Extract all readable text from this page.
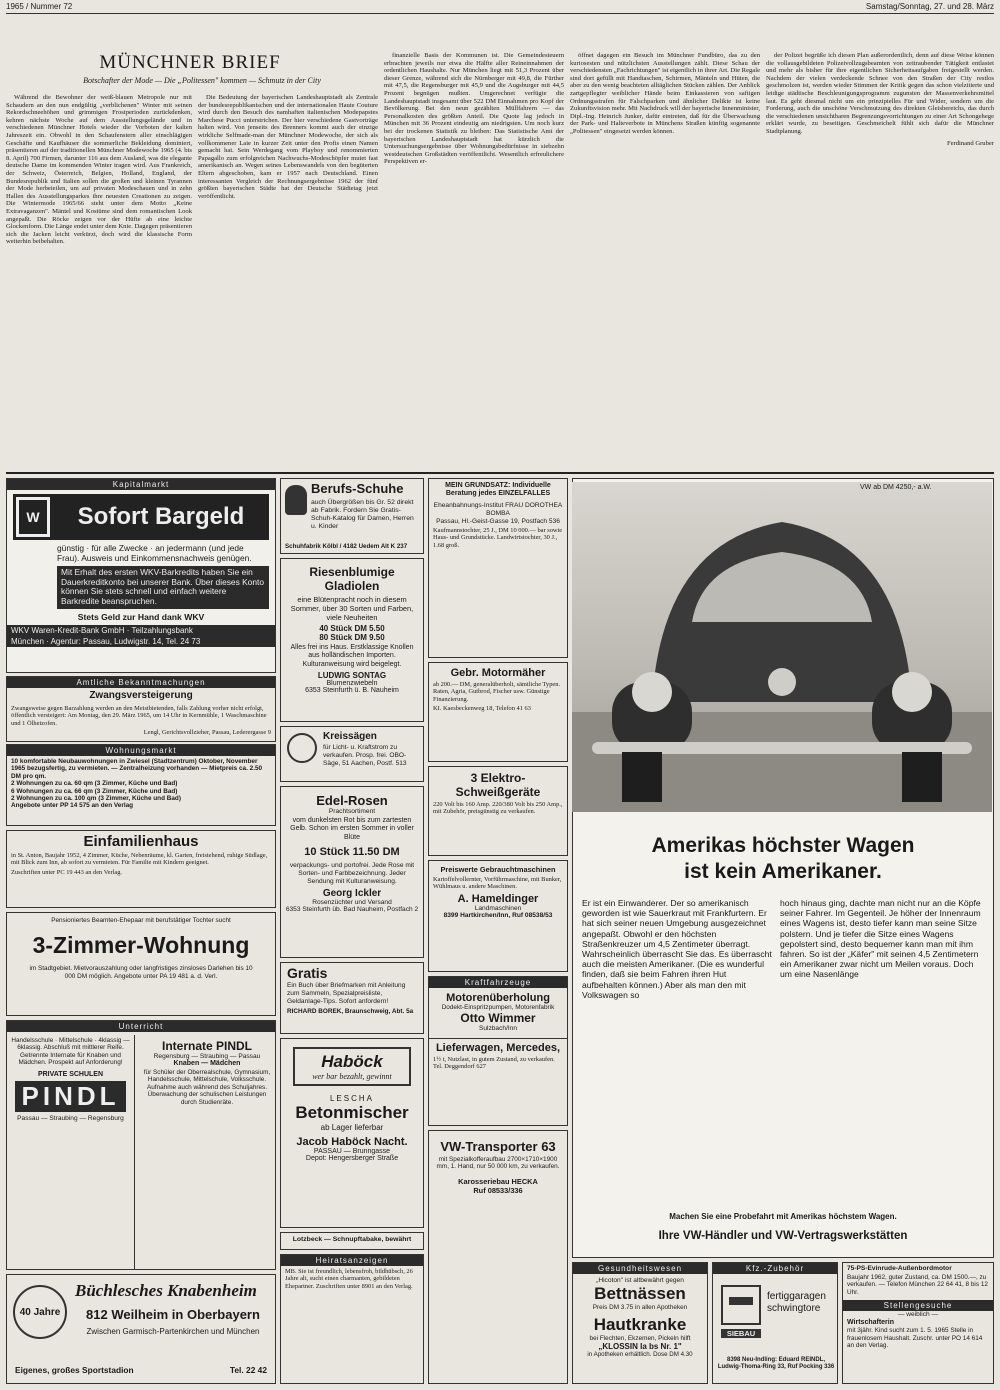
1965 / Nummer 72	Samstag/Sonntag, 27. und 28. März
MÜNCHNER BRIEF
Botschafter der Mode — Die „Politessen" kommen — Schmutz in der City

Während die Bewohner der weiß-blauen Metropole nur mit Schaudern an den nun endgültig „verblichenen" Winter mit seinen Rekordschneehöhen und grimmigen Frostperioden zurückdenken, kehren nächste Woche auf dem Ausstellungsgelände und in verschiedenen Münchner Hotels wieder die Vorboten der kalten Jahreszeit ein. Obwohl in den Schaufenstern aller einschlägigen Geschäfte und Kaufhäuser die sommerliche Bekleidung dominiert, präsentieren auf der traditionellen Münchner Modewoche 1965 (4. bis 8. April) 700 Firmen, darunter 116 aus dem Ausland, was die elegante deutsche Dame im kommenden Winter tragen wird. Aus Frankreich, der Schweiz, Österreich, Belgien, Holland, England, der Bundesrepublik und Italien sollen die großen und kleinen Tyrannen der Mode herbeieilen, um auf privaten Modeschauen und in zehn Hallen des Ausstellungsparkes ihre neuesten Creationen zu zeigen. Die Wintermode 1965/66 steht unter dem Motto „Keine Extravaganzen". Mäntel und Kostüme sind dem romantischen Look angepaßt. Die Röcke zeigen vor der Hüfte ab eine leichte Glockenform. Die Länge endet unter dem Knie. Dagegen präsentieren sich die Jacken leicht verkürzt, doch wird die klassische Form weiterhin beibehalten.

Die Bedeutung der bayerischen Landeshauptstadt als Zentrale der bundesrepublikanischen und der internationalen Haute Couture wird durch den Besuch des namhaften italienischen Modepapstes Marchese Pucci unterstrichen. Der hier verschiedene Gastvorträge halten wird. Von jenseits des Brenners kommt auch der einzige wirkliche Selfmade-man der Münchner Modewoche, der sich als vollkommener Laie in kurzer Zeit unter den Profis einen Namen gemacht hat. Sein Werdegang vom Playboy und renommierten Papagallo zum erfolgreichen Nachwuchs-Modeschöpfer mutet fast amerikanisch an. Wegen seines Lebenswandels von den begüterten Eltern abgeschoben, kam er 1957 nach Deutschland. Einen interessanten Vergleich der Rechnungsergebnisse 1962 der fünf größten bayerischen Städte hat der Deutsche Städtetag jetzt veröffentlicht.

finanzielle Basis der Kommunen ist. Die Gemeindesteuern erbrachten jeweils nur etwa die Hälfte aller Reineinnahmen der ordentlichen Haushalte. Nur München liegt mit 51,3 Prozent über dieser Grenze, während sich die Nürnberger mit 49,8, die Fürther mit 47,5, die Regensburger mit 45,9 und die Augsburger mit 44,5 Prozent begnügen mußten. Umgerechnet verfügte die Landeshauptstadt insgesamt über 522 DM Einnahmen pro Kopf der Bevölkerung. Bei den neun gezählten Müllfahrern — das Personalkosten des größten Anteil. Die Quote lag jedoch in München mit 36 Prozent eindeutig am niedrigsten. Um noch kurz bei der trockenen Statistik zu bleiben: Das Statistische Amt der bayerischen Landeshauptstadt hat kürzlich die Untersuchungsergebnisse über Wohnungsbedürfnisse in siebzehn westdeutschen Großstädten veröffentlicht. Wesentlich erfreulichere Perspektiven er-

öffnet dagegen ein Besuch im Münchner Fundbüro, das zu den kuriosesten und nützlichsten Ausstellungen zählt. Diese Schau der verschiedensten „Fachrichtungen" ist eigentlich in ihrer Art. Die Regale sind dort gefüllt mit Handtaschen, Schirmen, Mänteln und Hüten, die aber zu den wenig beachteten alltäglichen Stücken zählen. Der Anblick zartgepflegter weiblicher Hände beim Einkassieren von saftigen Ordnungsstrafen für Falschparken und ähnlicher Delikte ist keine Zukunftsvision mehr. Mit Nachdruck will der bayerische Innenminister, Dipl.-Ing. Heinrich Junker, dafür eintreten, daß für die Überwachung der Park- und Halteverbote in Münchens Straßen künftig sogenannte „Politessen" eingesetzt werden können.

der Polizei begrüße ich diesen Plan außerordentlich, denn auf diese Weise können die vollausgebildeten Polizeivollzugsbeamten von zeitraubender Tätigkeit entlastet und mehr als bisher für ihre eigentlichen Sicherheitsaufgaben freigestellt werden. Nachdem der vielen verdeckende Schnee von den Straßen der City restlos geschmolzen ist, werden wieder Stimmen der Kritik gegen das schon vielzitierte und leidige städtische Beschleunigungsprogramm zugunsten der Massenverkehrsmittel laut. Es geht diesmal nicht um ein prinzipielles Für und Wider, sondern um die Forderung, auch die unschöne Verschmutzung des direkten Gleisbereichs, das durch die verschiedenen unsichtbaren Begrenzungsvorrichtungen zu einer Art Schongehege erklärt wurde, zu beseitigen. Geschmeichelt fühlt sich dafür die Münchner Stadtplanung.

Ferdinand Gruber
Kapitalmarkt
W	Sofort Bargeld
günstig · für alle Zwecke · an jedermann (und jede Frau). Ausweis und Einkommensnachweis genügen.
Mit Erhalt des ersten WKV-Barkredits haben Sie ein Dauerkreditkonto bei unserer Bank. Über dieses Konto können Sie stets schnell und einfach weitere Barkredite beanspruchen.
Stets Geld zur Hand dank WKV
WKV Waren-Kredit-Bank GmbH · Teilzahlungsbank
München · Agentur: Passau, Ludwigstr. 14, Tel. 24 73
Amtliche Bekanntmachungen
Zwangsversteigerung
Zwangsweise gegen Barzahlung werden an den Meistbietenden, falls Zahlung vorher nicht erfolgt, öffentlich versteigert: Am Montag, den 29. März 1965, um 14 Uhr in Kernmühle, 1 Waschmaschine und 1 Ölheizofen.
Lengl, Gerichtsvollzieher, Passau, Lederergasse 9
Wohnungsmarkt
10 komfortable Neubauwohnungen in Zwiesel (Stadtzentrum) Oktober, November 1965 bezugsfertig, zu vermieten. — Zentralheizung vorhanden — Mietpreis ca. 2.50 DM pro qm.
2 Wohnungen zu ca. 60 qm (3 Zimmer, Küche und Bad)
6 Wohnungen zu ca. 66 qm (3 Zimmer, Küche und Bad)
2 Wohnungen zu ca. 100 qm (3 Zimmer, Küche und Bad)
Angebote unter PP 14 575 an den Verlag
Einfamilienhaus
in St. Anton, Baujahr 1952, 4 Zimmer, Küche, Nebenräume, kl. Garten, freistehend, ruhige Südlage, mit Blick zum Inn, ab sofort zu vermieten. Für Familie mit Kindern geeignet.
Zuschriften unter PC 19 443 an den Verlag.
Pensioniertes Beamten-Ehepaar mit berufstätiger Tochter sucht
3-Zimmer-Wohnung
im Stadtgebiet. Mietvorauszahlung oder langfristiges zinsloses Darlehen bis 10 000 DM möglich. Angebote unter PA 19 481 a. d. Verl.
Unterricht
Handelsschule · Mittelschule · 4klassig — 6klassig. Abschluß mit mittlerer Reife. Getrennte Internate für Knaben und Mädchen. Prospekt auf Anforderung!
PRIVATE SCHULEN
PINDL
Passau — Straubing — Regensburg
Internate PINDL
Regensburg — Straubing — Passau
Knaben — Mädchen
für Schüler der Oberrealschule, Gymnasium, Handelsschule, Mittelschule, Volksschule. Aufnahme auch während des Schuljahres. Überwachung der schulischen Leistungen durch Studienräte.
40 Jahre
Büchlesches Knabenheim
812 Weilheim in Oberbayern
Zwischen Garmisch-Partenkirchen und München
Eigenes, großes Sportstadion	Tel. 22 42
Berufs-Schuhe
auch Übergrößen bis Gr. 52 direkt ab Fabrik. Fordern Sie Gratis-Schuh-Katalog für Damen, Herren u. Kinder
Schuhfabrik Kölbl / 4182 Uedem Alt K 237
Riesenblumige Gladiolen
eine Blütenpracht noch in diesem Sommer, über 30 Sorten und Farben, viele Neuheiten
40 Stück DM 5.50
80 Stück DM 9.50
Alles frei ins Haus. Erstklassige Knollen aus holländischen Importen. Kulturanweisung wird beigelegt.
LUDWIG SONTAG
Blumenzwiebeln
6353 Steinfurth ü. B. Nauheim
Kreissägen
für Licht- u. Kraftstrom zu verkaufen. Prosp. frei. OBO-Säge, 51 Aachen, Postf. 513
Edel-Rosen
Prachtsortiment
vom dunkelsten Rot bis zum zartesten Gelb. Schon im ersten Sommer in voller Blüte
10 Stück 11.50 DM
verpackungs- und portofrei. Jede Rose mit Sorten- und Farbbezeichnung. Jeder Sendung mit Kulturanweisung.
Georg Ickler
Rosenzüchter und Versand
6353 Steinfurth üb. Bad Nauheim, Postfach 2
Gratis
Ein Buch über Briefmarken mit Anleitung zum Sammeln, Spezialpreisliste, Geldanlage-Tips. Sofort anfordern!
RICHARD BOREK, Braunschweig, Abt. 5a
Haböck
wer bar bezahlt, gewinnt
LESCHA
Betonmischer
ab Lager lieferbar
Jacob Haböck Nacht.
PASSAU — Brunngasse
Depot: Hengersberger Straße
Lotzbeck — Schnupftabake, bewährt
Heiratsanzeigen
MB. Sie ist freundlich, lebensfroh, bildhübsch, 26 Jahre alt, sucht einen charmanten, gebildeten Ehepartner. Zuschriften unter 8901 an den Verlag.
MEIN GRUNDSATZ: Individuelle Beratung jedes EINZELFALLES
Eheanbahnungs-Institut FRAU DOROTHEA BOMBA
Passau, Hl.-Geist-Gasse 19, Postfach 536
Kaufmannstochter, 25 J., DM 10 000.— bar sowie Haus- und Grundstücke. Landwirtstochter, 30 J., 1.68 groß.
Gebr. Motormäher
ab 200.— DM, generalüberholt, sämtliche Typen. Raten, Agria, Gutbrod, Fischer usw. Günstige Finanzierung.
KI. Kaesbeckenweg 18, Telefon 41 63
3 Elektro-Schweißgeräte
220 Volt bis 160 Amp. 220/380 Volt bis 250 Amp., mit Zubehör, preisgünstig zu verkaufen.
Preiswerte Gebrauchtmaschinen
Kartoffelvollernter, Vorführmaschine, mit Bunker, Wühlmaus u. andere Maschinen.
A. Hameldinger
Landmaschinen
8399 Hartkirchen/Inn, Ruf 08538/53
Kraftfahrzeuge
Motorenüberholung
Dodekt-Einspritzpumpen, Motorenfabrik
Otto Wimmer
Sulzbach/Inn
Lieferwagen, Mercedes,
1½ t, Nutzlast, in gutem Zustand, zu verkaufen. Tel. Deggendorf 627
VW-Transporter 63
mit Spezialkofferaufbau 2700×1710×1900 mm, 1. Hand, nur 50 000 km, zu verkaufen.
Karosseriebau HECKA
Ruf 08533/336
VW ab DM 4250,- a.W.
Amerikas höchster Wagen
ist kein Amerikaner.
Er ist ein Einwanderer. Der so amerikanisch geworden ist wie Sauerkraut mit Frankfurtern. Er hat sich seiner neuen Umgebung ausgezeichnet angepaßt. Obwohl er den höchsten Straßenkreuzer um 4,5 Zentimeter überragt. Wahrscheinlich überrascht Sie das. Es überrascht auch die meisten Amerikaner. (Die es wunderful finden, daß sie beim Fahren ihren Hut aufbehalten können.) Aber als man den mit Volkswagen so
hoch hinaus ging, dachte man nicht nur an die Köpfe seiner Fahrer. Im Gegenteil. Je höher der Innenraum eines Wagens ist, desto tiefer kann man seine Sitze polstern. Und je tiefer die Sitze eines Wagens gepolstert sind, desto bequemer kann man mit ihm fahren. So ist der „Käfer" mit seinen 4,5 Zentimetern ein Amerikaner zwar nicht um Meilen voraus. Doch um eine Nasenlänge
Machen Sie eine Probefahrt mit Amerikas höchstem Wagen.
Ihre VW-Händler und VW-Vertragswerkstätten
Gesundheitswesen
„Hicoton" ist altbewährt gegen
Bettnässen
Preis DM 3.75 in allen Apotheken
Hautkranke
bei Flechten, Ekzemen, Pickeln hilft
„KLOSSIN Ia bs Nr. 1"
in Apotheken erhältlich. Dose DM 4.30
Kfz.-Zubehör
SIEBAU
fertiggaragen schwingtore
8398 Neu-Indling: Eduard REINDL, Ludwig-Thoma-Ring 33, Ruf Pocking 336
75-PS-Evinrude-Außenbordmotor
Baujahr 1962, guter Zustand, ca. DM 1500.—, zu verkaufen. — Telefon München 22 64 41, 8 bis 12 Uhr.
Stellengesuche
— weiblich —
Wirtschafterin
mit 3jähr. Kind sucht zum 1. 5. 1965 Stelle in frauenlosem Haushalt. Zuschr. unter PO 14 614 an den Verlag.
